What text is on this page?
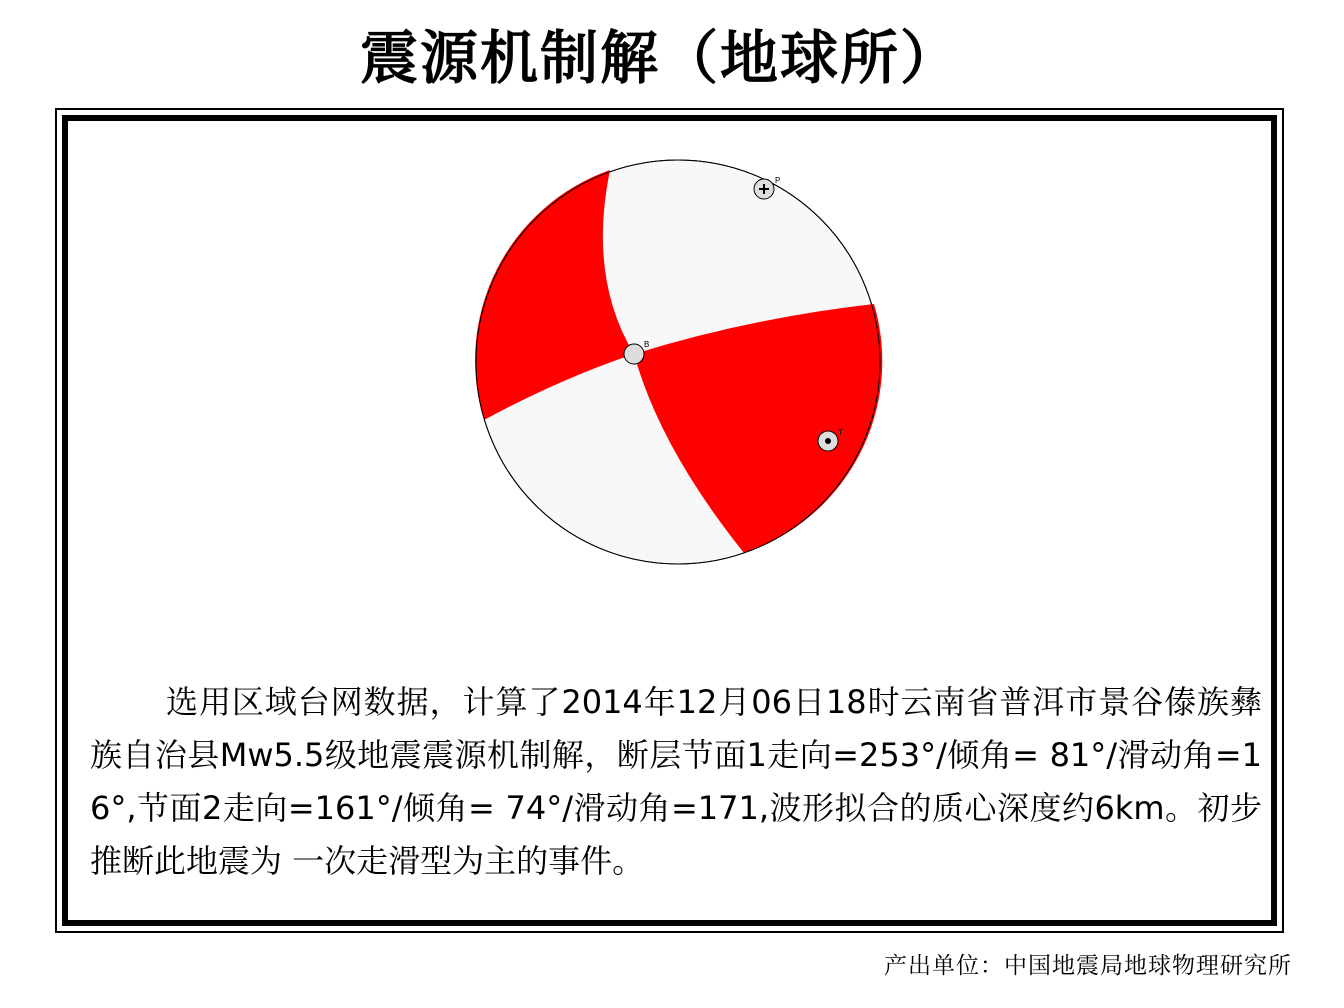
震源机制解（地球所）
P
B
T
选用区域台网数据，计算了2014年12月06日18时云南省普洱市景谷傣族彝族自治县Mw5.5级地震震源机制解，断层节面1走向=253°/倾角= 81°/滑动角=16°,节面2走向=161°/倾角= 74°/滑动角=171,波形拟合的质心深度约6km。初步推断此地震为 一次走滑型为主的事件。
产出单位：中国地震局地球物理研究所
